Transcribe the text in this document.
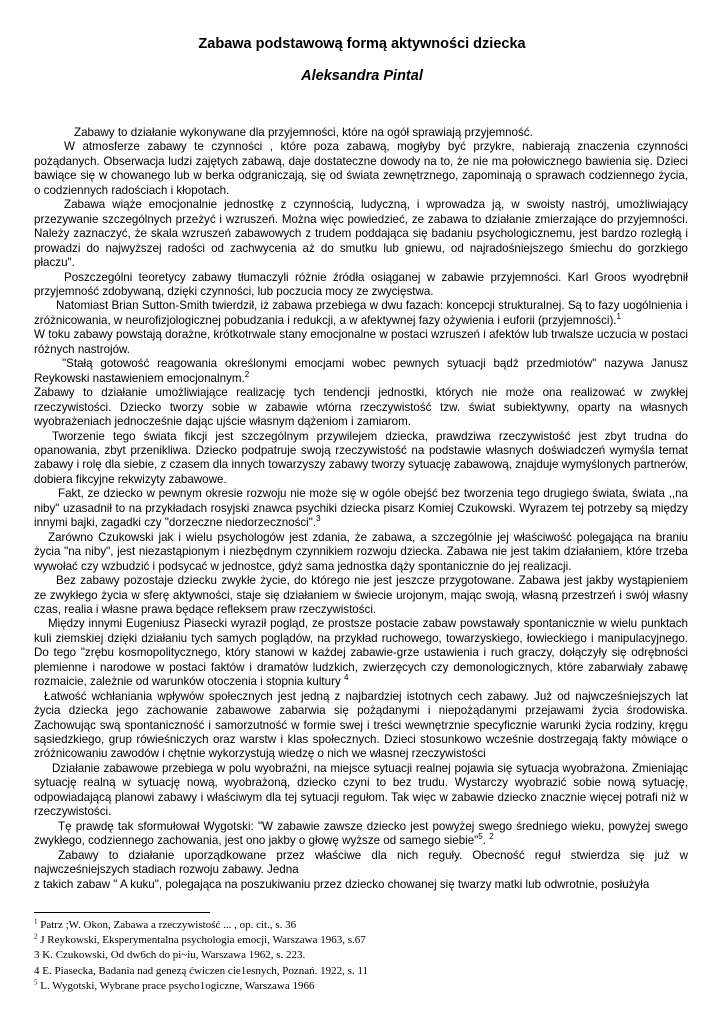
Zabawa podstawową formą aktywności dziecka
Aleksandra Pintal

Zabawy to działanie wykonywane dla przyjemności, które na ogół sprawiają przyjemność.

W atmosferze zabawy te czynności , które poza zabawą, mogłyby być przykre, nabierają znaczenia czynności pożądanych. Obserwacja ludzi zajętych zabawą, daje dostateczne dowody na to, że nie ma połowicznego bawienia się. Dzieci bawiące się w chowanego lub w berka odgraniczają, się od świata zewnętrznego, zapominają o sprawach codziennego życia, o codziennych radościach i kłopotach.

Zabawa wiąże emocjonalnie jednostkę z czynnością, ludyczną, i wprowadza ją, w swoisty nastrój, umożliwiający przezywanie szczególnych przeżyć i wzruszeń. Można więc powiedzieć, ze zabawa to działanie zmierzające do przyjemności. Należy zaznaczyć, że skala wzruszeń zabawowych z trudem poddająca się badaniu psychologicznemu, jest bardzo rozległą i prowadzi do najwyższej radości od zachwycenia aż do smutku lub gniewu, od najradośniejszego śmiechu do gorzkiego płaczu".

Poszczególni teoretycy zabawy tłumaczyli różnie źródła osiąganej w zabawie przyjemności. Karl Groos wyodrębnił przyjemność zdobywaną, dzięki czynności, lub poczucia mocy ze zwycięstwa.

Natomiast Brian Sutton-Smith twierdził, iż zabawa przebiega w dwu fazach: koncepcji strukturalnej. Są to fazy uogólnienia i zróżnicowania, w neurofizjologicznej pobudzania i redukcji, a w afektywnej fazy ożywienia i euforii (przyjemności).$^1$

W toku zabawy powstają dorażne, krótkotrwale stany emocjonalne w postaci wzruszeń i afektów lub trwalsze uczucia w postaci różnych nastrojów.

"Stałą gotowość reagowania określonymi emocjami wobec pewnych sytuacji bądź przedmiotów" nazywa Janusz Reykowski nastawieniem emocjonalnym.$^2$

Zabawy to działanie umożliwiające realizację tych tendencji jednostki, których nie może ona realizować w zwykłej rzeczywistości. Dziecko tworzy sobie w zabawie wtórna rzeczywistość tzw. świat subiektywny, oparty na własnych wyobrażeniach jednocześnie dając ujście własnym dążeniom i zamiarom.

Tworzenie tego świata fikcji jest szczególnym przywilejem dziecka, prawdziwa rzeczywistość jest zbyt trudna do opanowania, zbyt przenikliwa. Dziecko podpatruje swoją rzeczywistość na podstawie własnych doświadczeń wymyśla temat zabawy i rolę dla siebie, z czasem dla innych towarzyszy zabawy tworzy sytuację zabawową, znajduje wymyślonych partnerów, dobiera fikcyjne rekwizyty zabawowe.

Fakt, ze dziecko w pewnym okresie rozwoju nie może się w ogóle obejść bez tworzenia tego drugiego świata, świata ,,na niby" uzasadnił to na przykładach rosyjski znawca psychiki dziecka pisarz Komiej Czukowski. Wyrazem tej potrzeby są między innymi bajki, zagadki czy "dorzeczne niedorzeczności".$^3$

Zarówno Czukowski jak i wielu psychologów jest zdania, że zabawa, a szczególnie jej właściwość polegająca na braniu życia "na niby", jest niezastąpionym i niezbędnym czynnikiem rozwoju dziecka. Zabawa nie jest takim działaniem, które trzeba wywołać czy wzbudzić i podsycać w jednostce, gdyż sama jednostka dąży spontanicznie do jej realizacji.

Bez zabawy pozostaje dziecku zwykłe życie, do którego nie jest jeszcze przygotowane. Zabawa jest jakby wystąpieniem ze zwykłego życia w sferę aktywności, staje się działaniem w świecie urojonym, mając swoją, własną przestrzeń i swój własny czas, realia i własne prawa będące refleksem praw rzeczywistości.

Między innymi Eugeniusz Piasecki wyraził pogląd, ze prostsze postacie zabaw powstawały spontanicznie w wielu punktach kuli ziemskiej dzięki działaniu tych samych poglądów, na przykład ruchowego, towarzyskiego, łowieckiego i manipulacyjnego. Do tego "zrębu kosmopolitycznego, który stanowi w każdej zabawie-grze ustawienia i ruch graczy, dołączyły się odrębności plemienne i narodowe w postaci faktów i dramatów ludzkich, zwierzęcych czy demonologicznych, które zabarwiały zabawę rozmaicie, zależnie od warunków otoczenia i stopnia kultury $^4$

Łatwość wchłaniania wpływów społecznych jest jedną z najbardziej istotnych cech zabawy. Już od najwcześniejszych lat życia dziecka jego zachowanie zabawowe zabarwia się pożądanymi i niepożądanymi przejawami życia środowiska. Zachowując swą spontaniczność i samorzutność w formie swej i treści wewnętrznie specyficznie warunki życia rodziny, kręgu sąsiedzkiego, grup rówieśniczych oraz warstw i klas społecznych. Dzieci stosunkowo wcześnie dostrzegają fakty mówiące o zróżnicowaniu zawodów i chętnie wykorzystują wiedzę o nich we własnej rzeczywistości

Działanie zabawowe przebiega w polu wyobraźni, na miejsce sytuacji realnej pojawia się sytuacja wyobrażona. Zmieniając sytuację realną w sytuację nową, wyobrażoną, dziecko czyni to bez trudu. Wystarczy wyobrazić sobie nową sytuację, odpowiadającą planowi zabawy i właściwym dla tej sytuacji regułom. Tak więc w zabawie dziecko znacznie więcej potrafi niż w rzeczywistości.

Tę prawdę tak sformułował Wygotski: "W zabawie zawsze dziecko jest powyżej swego średniego wieku, powyżej swego zwykłego, codziennego zachowania, jest ono jakby o głowę wyższe od samego siebie"$^5$. $^2$

Zabawy to działanie uporządkowane przez właściwe dla nich reguły. Obecność reguł stwierdza się już w najwcześniejszych stadiach rozwoju zabawy. Jedna

z takich zabaw " A kuku", polegająca na poszukiwaniu przez dziecko chowanej się twarzy matki lub odwrotnie, posłużyła

$^1$ Patrz ;W. Okon, Zabawa a rzeczywistość ... , op. cit., s. 36
$^2$ J Reykowski, Eksperymentalna psychologia emocji, Warszawa 1963, s.67
3 K. Czukowski, Od dw6ch do pi~iu, Warszawa 1962, s. 223.
4 E. Piasecka, Badania nad genezą ćwiczen cie1esnych, Poznań. 1922, s. 11
$^5$ L. Wygotski, Wybrane prace psycho1ogiczne, Warszawa 1966
